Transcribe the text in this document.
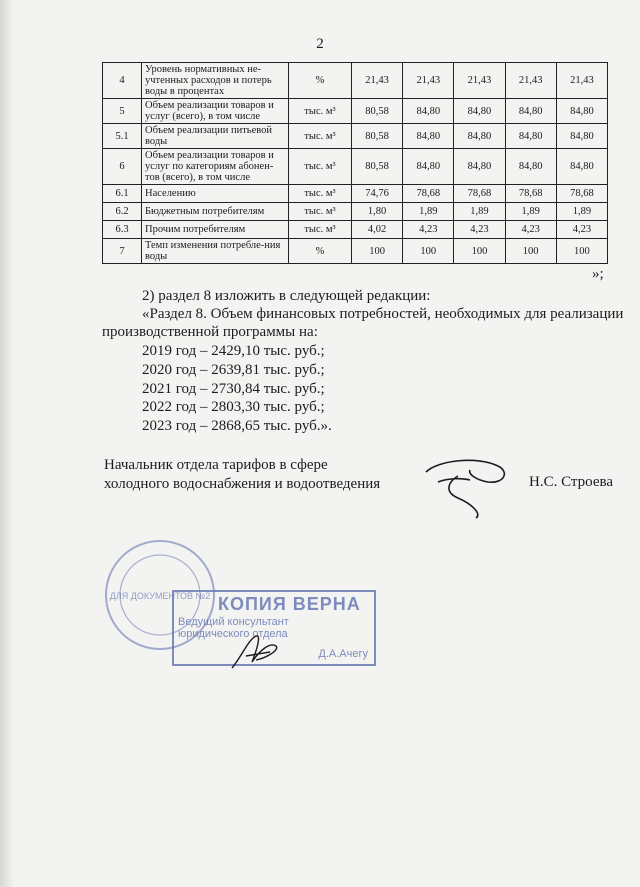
2
4	Уровень нормативных не-учтенных расходов и потерь воды в процентах	%	21,43	21,43	21,43	21,43	21,43
5	Объем реализации товаров и услуг (всего), в том числе	тыс. м³	80,58	84,80	84,80	84,80	84,80
5.1	Объем реализации питьевой воды	тыс. м³	80,58	84,80	84,80	84,80	84,80
6	Объем реализации товаров и услуг по категориям абонен-тов (всего), в том числе	тыс. м³	80,58	84,80	84,80	84,80	84,80
6.1	Населению	тыс. м³	74,76	78,68	78,68	78,68	78,68
6.2	Бюджетным потребителям	тыс. м³	1,80	1,89	1,89	1,89	1,89
6.3	Прочим потребителям	тыс. м³	4,02	4,23	4,23	4,23	4,23
7	Темп изменения потребле-ния воды	%	100	100	100	100	100
»;
2) раздел 8 изложить в следующей редакции:
«Раздел 8. Объем финансовых потребностей, необходимых для реализации
производственной программы на:
2019 год – 2429,10 тыс. руб.;
2020 год – 2639,81 тыс. руб.;
2021 год – 2730,84 тыс. руб.;
2022 год – 2803,30 тыс. руб.;
2023 год – 2868,65 тыс. руб.».
Начальник отдела тарифов в сфере
холодного водоснабжения и водоотведения	Н.С. Строева
ДЛЯ ДОКУМЕНТОВ №2 КОПИЯ ВЕРНА
Ведущий консультант
юридического отдела
Д.А.Ачегу
